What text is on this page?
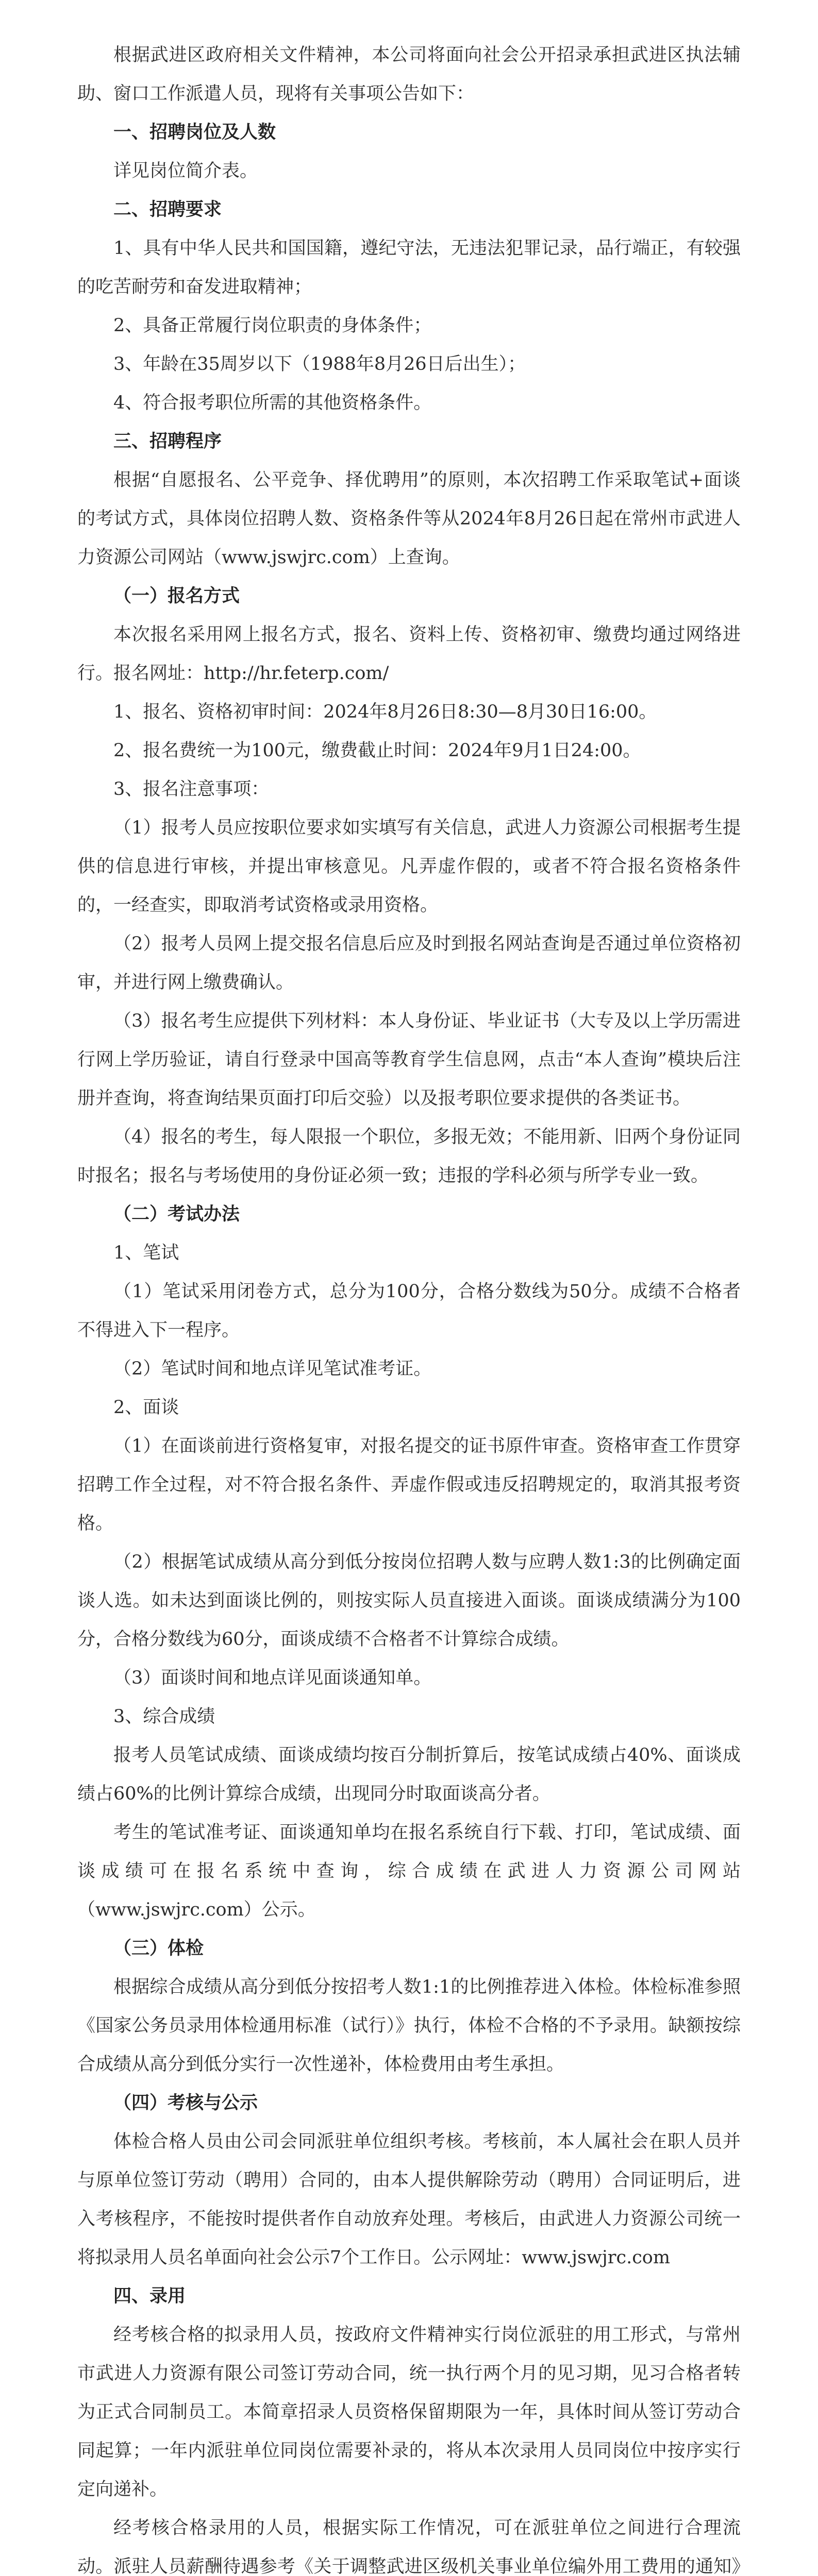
根据武进区政府相关文件精神，本公司将面向社会公开招录承担武进区执法辅助、窗口工作派遣人员，现将有关事项公告如下：

一、招聘岗位及人数

详见岗位简介表。

二、招聘要求

1、具有中华人民共和国国籍，遵纪守法，无违法犯罪记录，品行端正，有较强的吃苦耐劳和奋发进取精神；

2、具备正常履行岗位职责的身体条件；

3、年龄在35周岁以下（1988年8月26日后出生）；

4、符合报考职位所需的其他资格条件。

三、招聘程序

根据“自愿报名、公平竞争、择优聘用”的原则，本次招聘工作采取笔试+面谈的考试方式，具体岗位招聘人数、资格条件等从2024年8月26日起在常州市武进人力资源公司网站（www.jswjrc.com）上查询。

（一）报名方式

本次报名采用网上报名方式，报名、资料上传、资格初审、缴费均通过网络进行。报名网址：http://hr.feterp.com/

1、报名、资格初审时间：2024年8月26日8:30—8月30日16:00。

2、报名费统一为100元，缴费截止时间：2024年9月1日24:00。

3、报名注意事项：

（1）报考人员应按职位要求如实填写有关信息，武进人力资源公司根据考生提供的信息进行审核，并提出审核意见。凡弄虚作假的，或者不符合报名资格条件的，一经查实，即取消考试资格或录用资格。

（2）报考人员网上提交报名信息后应及时到报名网站查询是否通过单位资格初审，并进行网上缴费确认。

（3）报名考生应提供下列材料：本人身份证、毕业证书（大专及以上学历需进行网上学历验证，请自行登录中国高等教育学生信息网，点击“本人查询”模块后注册并查询，将查询结果页面打印后交验）以及报考职位要求提供的各类证书。

（4）报名的考生，每人限报一个职位，多报无效；不能用新、旧两个身份证同时报名；报名与考场使用的身份证必须一致；违报的学科必须与所学专业一致。

（二）考试办法

1、笔试

（1）笔试采用闭卷方式，总分为100分，合格分数线为50分。成绩不合格者不得进入下一程序。

（2）笔试时间和地点详见笔试准考证。

2、面谈

（1）在面谈前进行资格复审，对报名提交的证书原件审查。资格审查工作贯穿招聘工作全过程，对不符合报名条件、弄虚作假或违反招聘规定的，取消其报考资格。

（2）根据笔试成绩从高分到低分按岗位招聘人数与应聘人数1:3的比例确定面谈人选。如未达到面谈比例的，则按实际人员直接进入面谈。面谈成绩满分为100分，合格分数线为60分，面谈成绩不合格者不计算综合成绩。

（3）面谈时间和地点详见面谈通知单。

3、综合成绩

报考人员笔试成绩、面谈成绩均按百分制折算后，按笔试成绩占40%、面谈成绩占60%的比例计算综合成绩，出现同分时取面谈高分者。

考生的笔试准考证、面谈通知单均在报名系统自行下载、打印，笔试成绩、面谈成绩可在报名系统中查询，综合成绩在武进人力资源公司网站（www.jswjrc.com）公示。

（三）体检

根据综合成绩从高分到低分按招考人数1:1的比例推荐进入体检。体检标准参照《国家公务员录用体检通用标准（试行）》执行，体检不合格的不予录用。缺额按综合成绩从高分到低分实行一次性递补，体检费用由考生承担。

（四）考核与公示

体检合格人员由公司会同派驻单位组织考核。考核前，本人属社会在职人员并与原单位签订劳动（聘用）合同的，由本人提供解除劳动（聘用）合同证明后，进入考核程序，不能按时提供者作自动放弃处理。考核后，由武进人力资源公司统一将拟录用人员名单面向社会公示7个工作日。公示网址：www.jswjrc.com

四、录用

经考核合格的拟录用人员，按政府文件精神实行岗位派驻的用工形式，与常州市武进人力资源有限公司签订劳动合同，统一执行两个月的见习期，见习合格者转为正式合同制员工。本简章招录人员资格保留期限为一年，具体时间从签订劳动合同起算；一年内派驻单位同岗位需要补录的，将从本次录用人员同岗位中按序实行定向递补。

经考核合格录用的人员，根据实际工作情况，可在派驻单位之间进行合理流动。派驻人员薪酬待遇参考《关于调整武进区级机关事业单位编外用工费用的通知》
